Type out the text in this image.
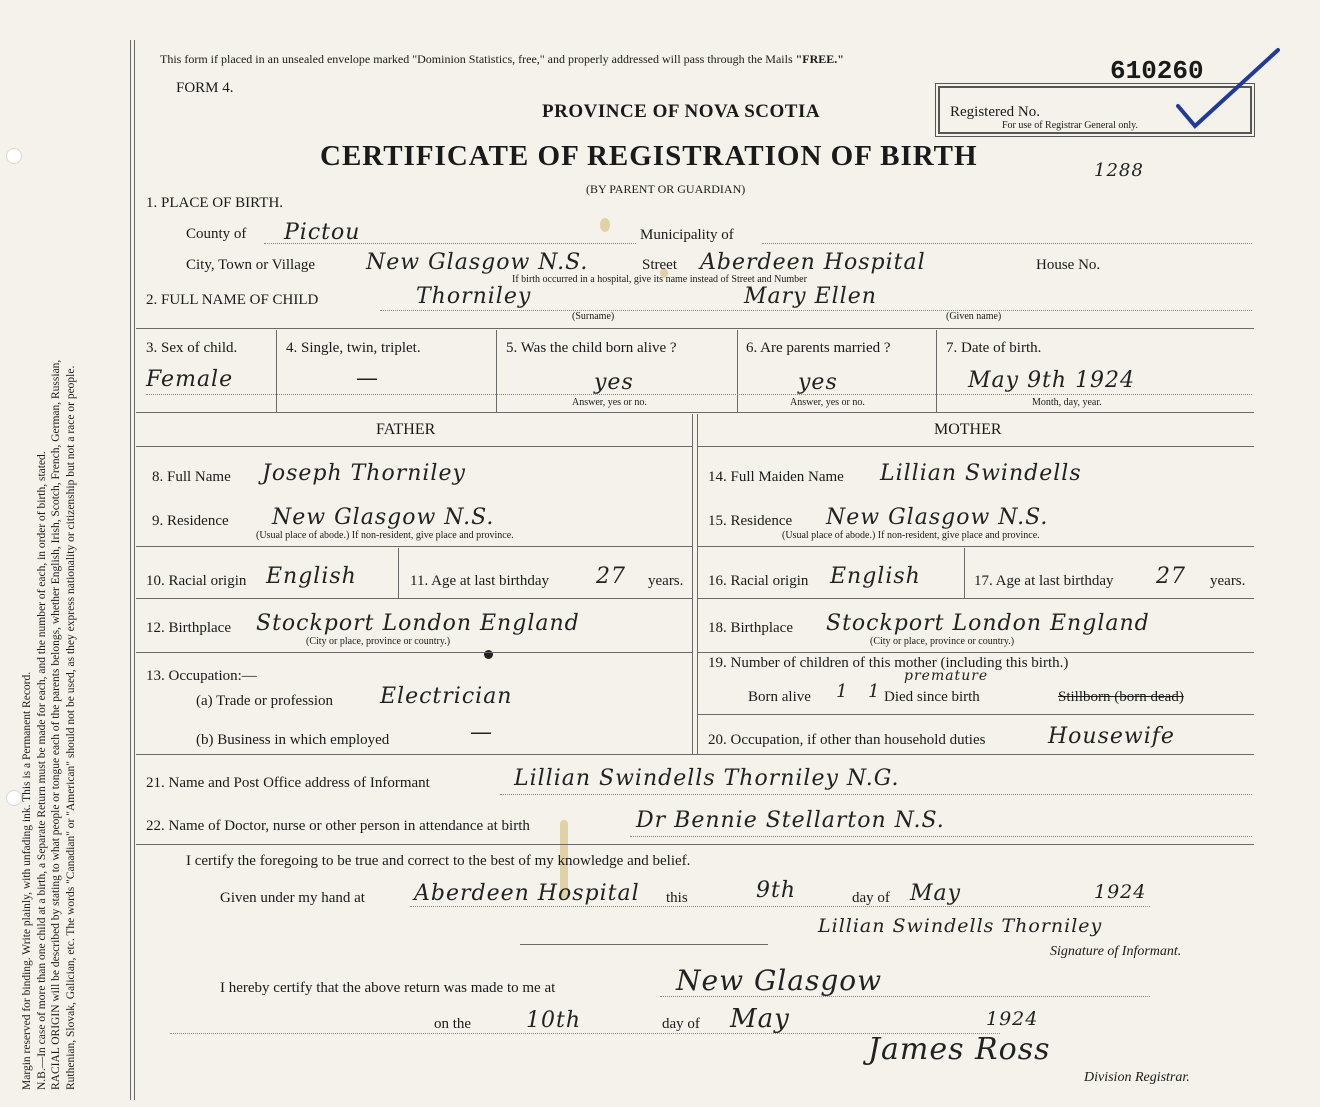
Margin reserved for binding. Write plainly, with unfading ink. This is a Permanent Record. N.B.—In case of more than one child at a birth, a Separate Return must be made for each, and the number of each, in order of birth, stated. RACIAL ORIGIN will be described by stating to what people or tongue each of the parents belongs, whether English, Irish, Scotch, French, German, Russian, Ruthenian, Slovak, Galician, etc. The words "Canadian" or "American" should not be used, as they express nationality or citizenship but not a race or people.
This form if placed in an unsealed envelope marked "Dominion Statistics, free," and properly addressed will pass through the Mails "FREE."	610260
FORM 4.
PROVINCE OF NOVA SCOTIA	Registered No.
For use of Registrar General only.
CERTIFICATE OF REGISTRATION OF BIRTH	1288
(BY PARENT OR GUARDIAN)
1. PLACE OF BIRTH.
County of Pictou	Municipality of
City, Town or Village New Glasgow N.S.	Street Aberdeen Hospital	House No.
If birth occurred in a hospital, give its name instead of Street and Number
2. FULL NAME OF CHILD	Thorniley	Mary Ellen
(Surname)	(Given name)
3. Sex of child.
Female
4. Single, twin, triplet.
—
5. Was the child born alive ?
yes
Answer, yes or no.
6. Are parents married ?
yes
Answer, yes or no.
7. Date of birth.
May 9th 1924
Month, day, year.
FATHER	MOTHER
8. Full Name Joseph Thorniley
9. Residence New Glasgow N.S.
(Usual place of abode.) If non-resident, give place and province.
10. Racial origin English	11. Age at last birthday 27 years.
12. Birthplace Stockport London England
(City or place, province or country.)
13. Occupation:—
(a) Trade or profession Electrician
(b) Business in which employed	—
14. Full Maiden Name Lillian Swindells
15. Residence New Glasgow N.S.
(Usual place of abode.) If non-resident, give place and province.
16. Racial origin English	17. Age at last birthday 27 years.
18. Birthplace Stockport London England
(City or place, province or country.)
19. Number of children of this mother (including this birth.)
Born alive 1
premature
1 Died since birth	Stillborn (born dead)
20. Occupation, if other than household duties	Housewife
21. Name and Post Office address of Informant	Lillian Swindells Thorniley N.G.
22. Name of Doctor, nurse or other person in attendance at birth	Dr Bennie Stellarton N.S.
I certify the foregoing to be true and correct to the best of my knowledge and belief.
Given under my hand at Aberdeen Hospital this	9th	day of May	1924
Lillian Swindells Thorniley
Signature of Informant.
I hereby certify that the above return was made to me at	New Glasgow
on the 10th	day of May	1924
James Ross
Division Registrar.
